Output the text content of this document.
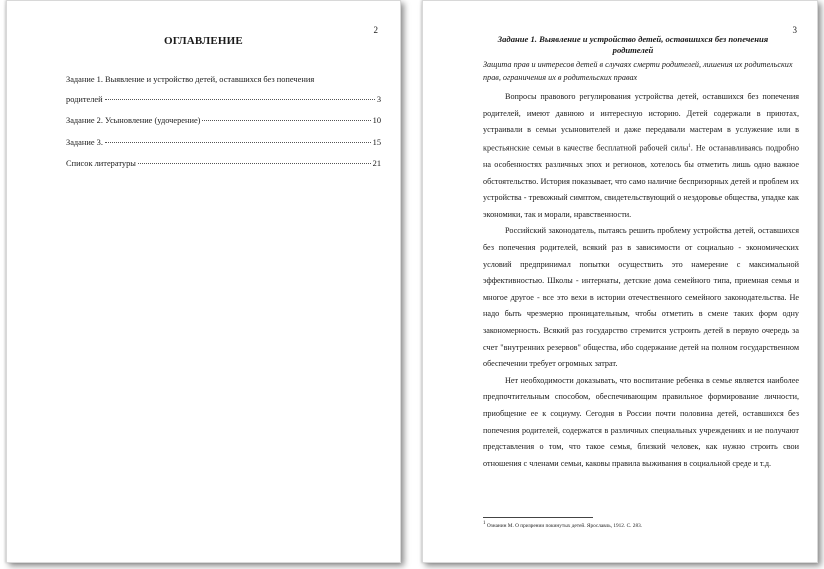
2
ОГЛАВЛЕНИЕ
Задание 1. Выявление и устройство детей, оставшихся без попечения
родителей	3
Задание 2. Усыновление (удочерение)	10
Задание 3.	15
Список литературы	21
3
Задание 1. Выявление и устройство детей, оставшихся без попечения родителей
Защита прав и интересов детей в случаях смерти родителей, лишения их родительских прав, ограничения их в родительских правах

Вопросы правового регулирования устройства детей, оставшихся без попечения родителей, имеют давнюю и интересную историю. Детей содержали в приютах, устраивали в семьи усыновителей и даже передавали мастерам в услужение или в крестьянские семьи в качестве бесплатной рабочей силы$^1$. Не останавливаясь подробно на особенностях различных эпох и регионов, хотелось бы отметить лишь одно важное обстоятельство. История показывает, что само наличие беспризорных детей и проблем их устройства - тревожный симптом, свидетельствующий о нездоровье общества, упадке как экономики, так и морали, нравственности.

Российский законодатель, пытаясь решить проблему устройства детей, оставшихся без попечения родителей, всякий раз в зависимости от социально - экономических условий предпринимал попытки осуществить это намерение с максимальной эффективностью. Школы - интернаты, детские дома семейного типа, приемная семья и многое другое - все это вехи в истории отечественного семейного законодательства. Не надо быть чрезмерно проницательным, чтобы отметить в смене таких форм одну закономерность. Всякий раз государство стремится устроить детей в первую очередь за счет "внутренних резервов" общества, ибо содержание детей на полном государственном обеспечении требует огромных затрат.

Нет необходимости доказывать, что воспитание ребенка в семье является наиболее предпочтительным способом, обеспечивающим правильное формирование личности, приобщение ее к социуму. Сегодня в России почти половина детей, оставшихся без попечения родителей, содержатся в различных специальных учреждениях и не получают представления о том, что такое семья, близкий человек, как нужно строить свои отношения с членами семьи, каковы правила выживания в социальной среде и т.д.

$^1$ Ознанин М. О призрении покинутых детей. Ярославль, 1912. С. 283.
